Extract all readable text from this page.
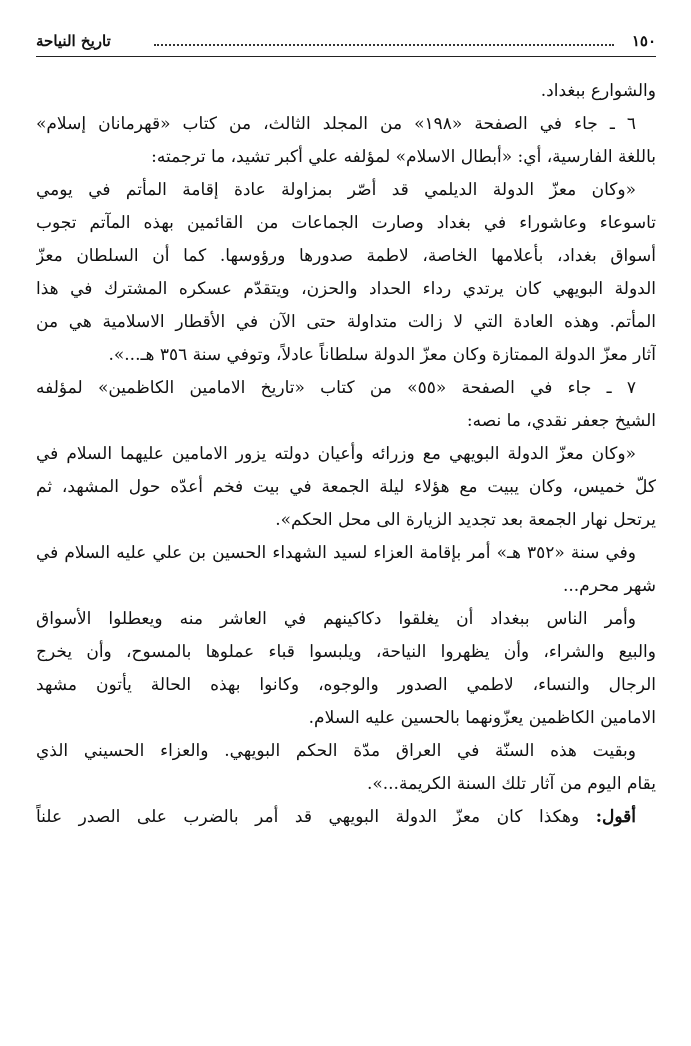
١٥٠
تاريخ النياحة
والشوارع ببغداد.
٦ ـ جاء في الصفحة «١٩٨» من المجلد الثالث، من كتاب «قهرمانان إسلام»
باللغة الفارسية، أي: «أبطال الاسلام» لمؤلفه علي أكبر تشيد، ما ترجمته:
«وكان معزّ الدولة الديلمي قد أصّر بمزاولة عادة إقامة المأتم في يومي
تاسوعاء وعاشوراء في بغداد وصارت الجماعات من القائمين بهذه المآتم تجوب
أسواق بغداد، بأعلامها الخاصة، لاطمة صدورها ورؤوسها. كما أن السلطان معزّ
الدولة البويهي كان يرتدي رداء الحداد والحزن، ويتقدّم عسكره المشترك في هذا
المأتم. وهذه العادة التي لا زالت متداولة حتى الآن في الأقطار الاسلامية هي من
آثار معزّ الدولة الممتازة وكان معزّ الدولة سلطاناً عادلاً، وتوفي سنة ٣٥٦ هـ...».
٧ ـ جاء في الصفحة «٥٥» من كتاب «تاريخ الامامين الكاظمين» لمؤلفه
الشيخ جعفر نقدي، ما نصه:
«وكان معزّ الدولة البويهي مع وزرائه وأعيان دولته يزور الامامين عليهما السلام في
كلّ خميس، وكان يبيت مع هؤلاء ليلة الجمعة في بيت فخم أعدّه حول المشهد، ثم
يرتحل نهار الجمعة بعد تجديد الزيارة الى محل الحكم».
وفي سنة «٣٥٢ هـ» أمر بإقامة العزاء لسيد الشهداء الحسين بن علي عليه السلام في
شهر محرم...
وأمر الناس ببغداد أن يغلقوا دكاكينهم في العاشر منه ويعطلوا الأسواق
والبيع والشراء، وأن يظهروا النياحة، ويلبسوا قباء عملوها بالمسوح، وأن يخرج
الرجال والنساء، لاطمي الصدور والوجوه، وكانوا بهذه الحالة يأتون مشهد
الامامين الكاظمين يعزّونهما بالحسين عليه السلام.
وبقيت هذه السنّة في العراق مدّة الحكم البويهي. والعزاء الحسيني الذي
يقام اليوم من آثار تلك السنة الكريمة...».
أقول: وهكذا كان معزّ الدولة البويهي قد أمر بالضرب على الصدر علناً
